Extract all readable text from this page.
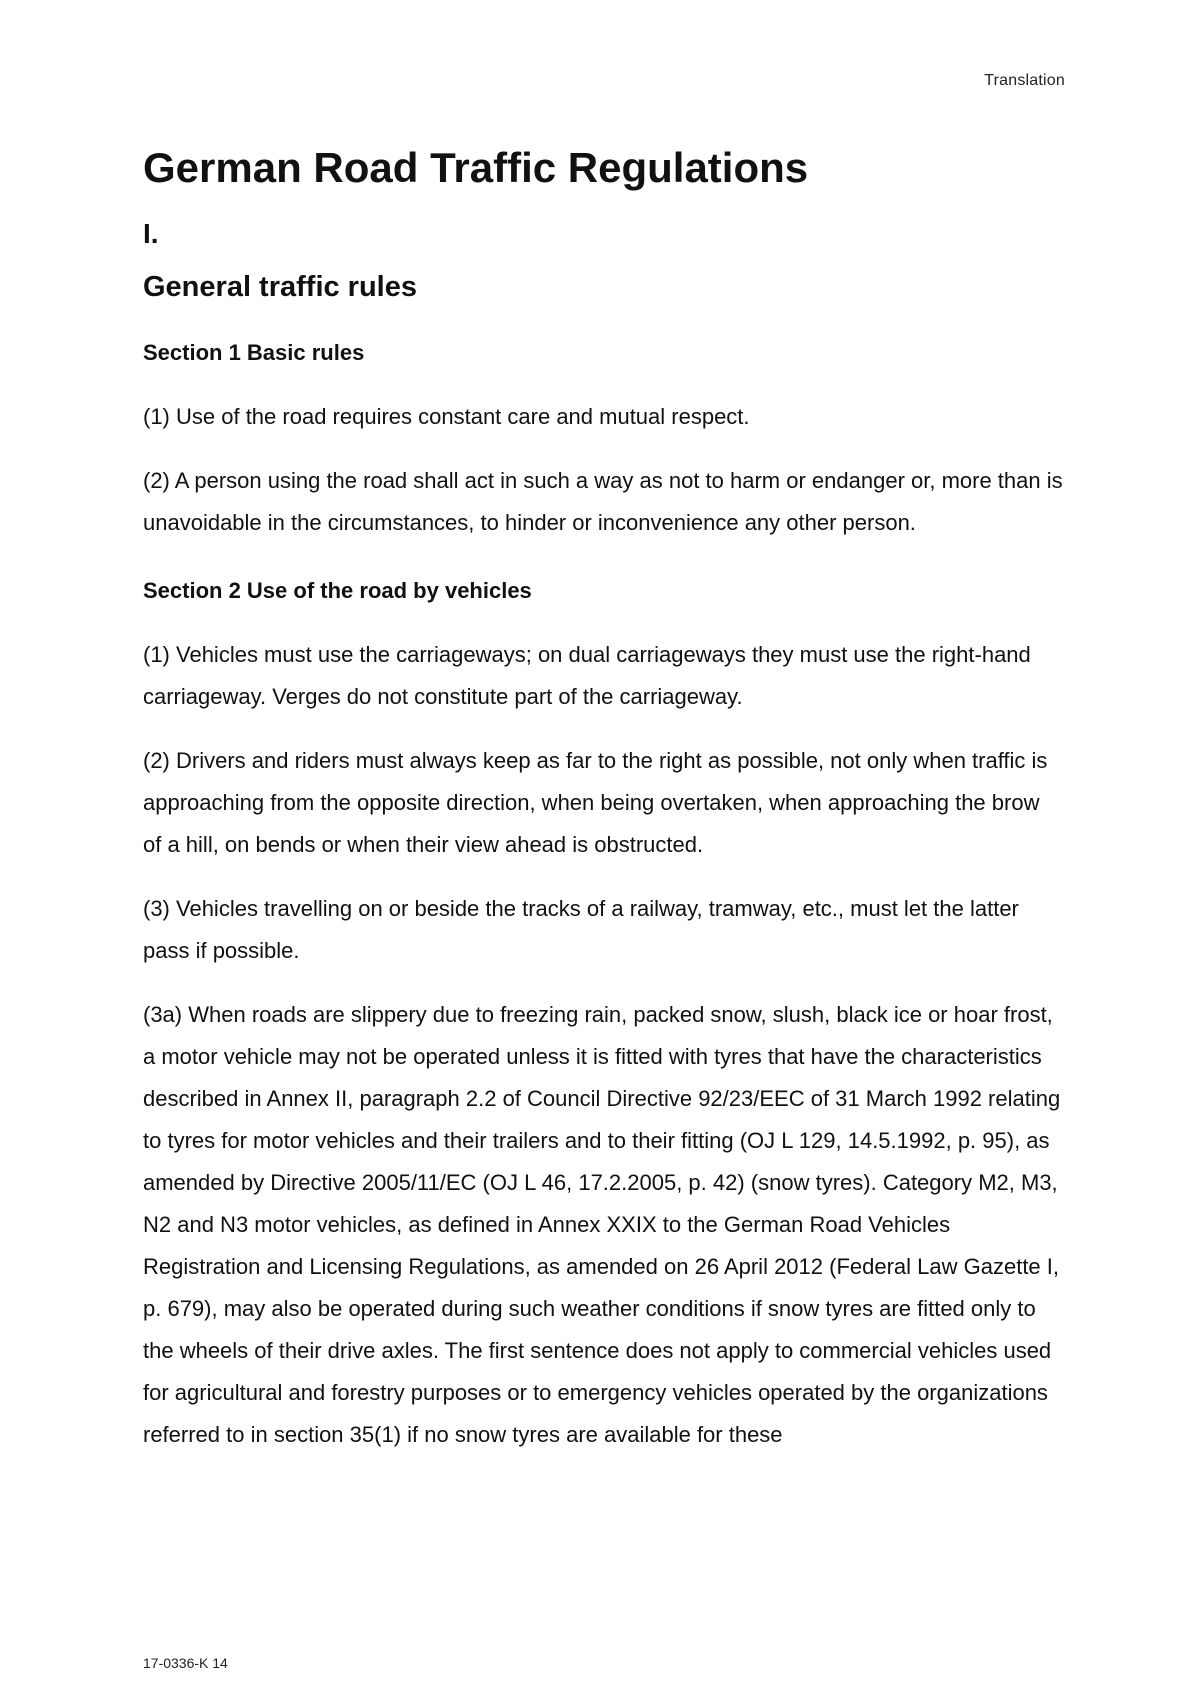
Translation
German Road Traffic Regulations
I.
General traffic rules
Section 1 Basic rules

(1) Use of the road requires constant care and mutual respect.

(2) A person using the road shall act in such a way as not to harm or endanger or, more than is unavoidable in the circumstances, to hinder or inconvenience any other person.

Section 2 Use of the road by vehicles

(1) Vehicles must use the carriageways; on dual carriageways they must use the right-hand carriageway. Verges do not constitute part of the carriageway.

(2) Drivers and riders must always keep as far to the right as possible, not only when traffic is approaching from the opposite direction, when being overtaken, when approaching the brow of a hill, on bends or when their view ahead is obstructed.

(3) Vehicles travelling on or beside the tracks of a railway, tramway, etc., must let the latter pass if possible.

(3a) When roads are slippery due to freezing rain, packed snow, slush, black ice or hoar frost, a motor vehicle may not be operated unless it is fitted with tyres that have the characteristics described in Annex II, paragraph 2.2 of Council Directive 92/23/EEC of 31 March 1992 relating to tyres for motor vehicles and their trailers and to their fitting (OJ L 129, 14.5.1992, p. 95), as amended by Directive 2005/11/EC (OJ L 46, 17.2.2005, p. 42) (snow tyres). Category M2, M3, N2 and N3 motor vehicles, as defined in Annex XXIX to the German Road Vehicles Registration and Licensing Regulations, as amended on 26 April 2012 (Federal Law Gazette I, p. 679), may also be operated during such weather conditions if snow tyres are fitted only to the wheels of their drive axles. The first sentence does not apply to commercial vehicles used for agricultural and forestry purposes or to emergency vehicles operated by the organizations referred to in section 35(1) if no snow tyres are available for these

17-0336-K 14
